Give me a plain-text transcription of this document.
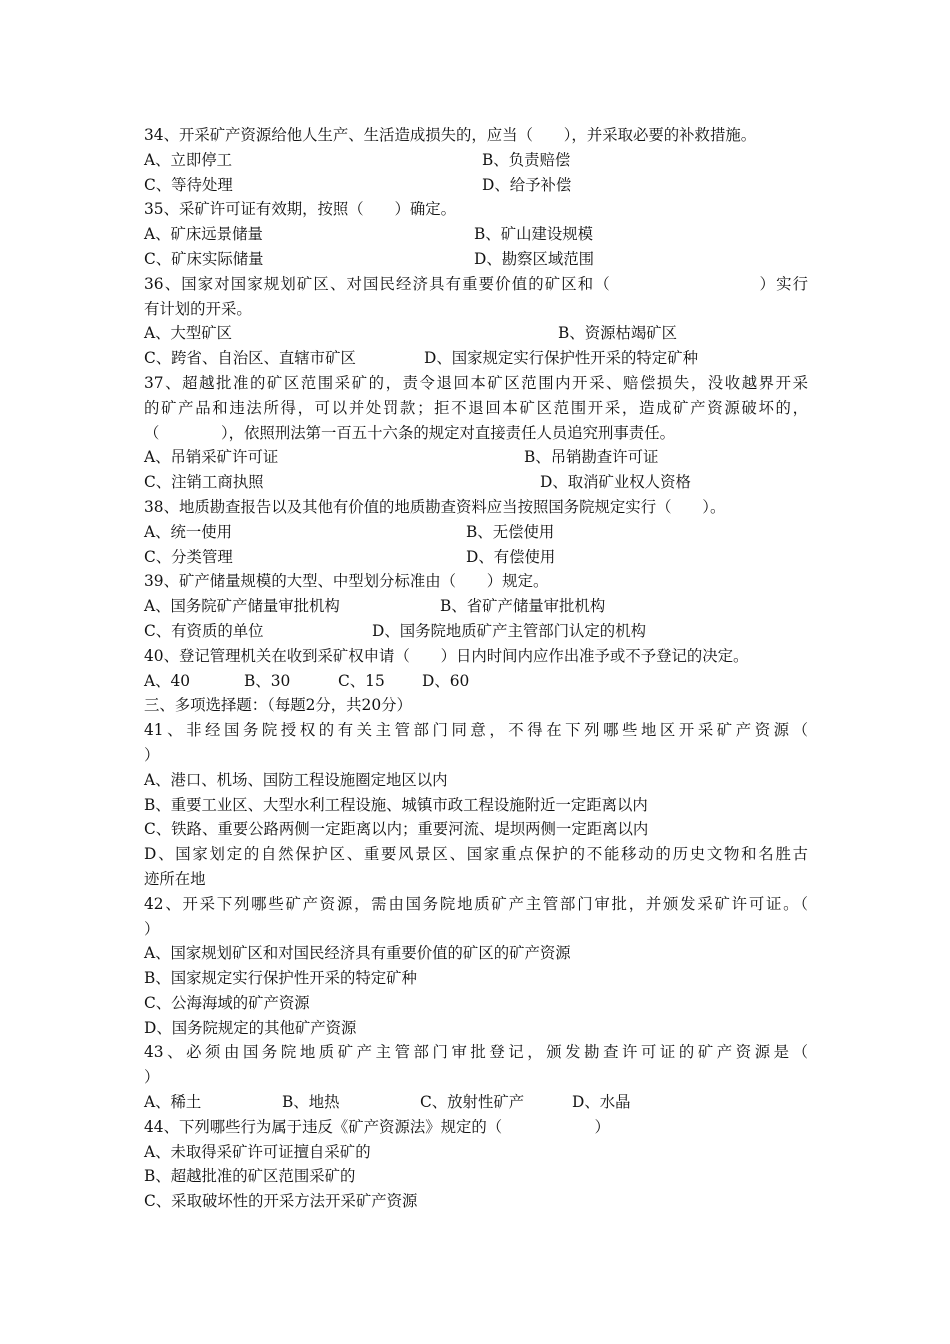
34、开采矿产资源给他人生产、生活造成损失的，应当（　　），并采取必要的补救措施。
A、立即停工	B、负责赔偿
C、等待处理	D、给予补偿
35、采矿许可证有效期，按照（　　）确定。
A、矿床远景储量	B、矿山建设规模
C、矿床实际储量	D、勘察区域范围
36、国家对国家规划矿区、对国民经济具有重要价值的矿区和（　　　　　　　　　）实行
有计划的开采。
A、大型矿区	B、资源枯竭矿区
C、跨省、自治区、直辖市矿区	D、国家规定实行保护性开采的特定矿种
37、超越批准的矿区范围采矿的，责令退回本矿区范围内开采、赔偿损失，没收越界开采
的矿产品和违法所得，可以并处罚款；拒不退回本矿区范围开采，造成矿产资源破坏的，
（　　　　），依照刑法第一百五十六条的规定对直接责任人员追究刑事责任。
A、吊销采矿许可证	B、吊销勘查许可证
C、注销工商执照	D、取消矿业权人资格
38、地质勘查报告以及其他有价值的地质勘查资料应当按照国务院规定实行（　　）。
A、统一使用	B、无偿使用
C、分类管理	D、有偿使用
39、矿产储量规模的大型、中型划分标准由（　　）规定。
A、国务院矿产储量审批机构	B、省矿产储量审批机构
C、有资质的单位	D、国务院地质矿产主管部门认定的机构
40、登记管理机关在收到采矿权申请（　　）日内时间内应作出准予或不予登记的决定。
A、40	B、30	C、15 D、60
三、多项选择题：（每题2分，共20分）
41、非经国务院授权的有关主管部门同意，不得在下列哪些地区开采矿产资源（
）
A、港口、机场、国防工程设施圈定地区以内
B、重要工业区、大型水利工程设施、城镇市政工程设施附近一定距离以内
C、铁路、重要公路两侧一定距离以内；重要河流、堤坝两侧一定距离以内
D、国家划定的自然保护区、重要风景区、国家重点保护的不能移动的历史文物和名胜古
迹所在地
42、开采下列哪些矿产资源，需由国务院地质矿产主管部门审批，并颁发采矿许可证。（
）
A、国家规划矿区和对国民经济具有重要价值的矿区的矿产资源
B、国家规定实行保护性开采的特定矿种
C、公海海域的矿产资源
D、国务院规定的其他矿产资源
43、必须由国务院地质矿产主管部门审批登记，颁发勘查许可证的矿产资源是（
）
A、稀土	B、地热	C、放射性矿产	D、水晶
44、下列哪些行为属于违反《矿产资源法》规定的（　　　　　　）
A、未取得采矿许可证擅自采矿的
B、超越批准的矿区范围采矿的
C、采取破坏性的开采方法开采矿产资源
